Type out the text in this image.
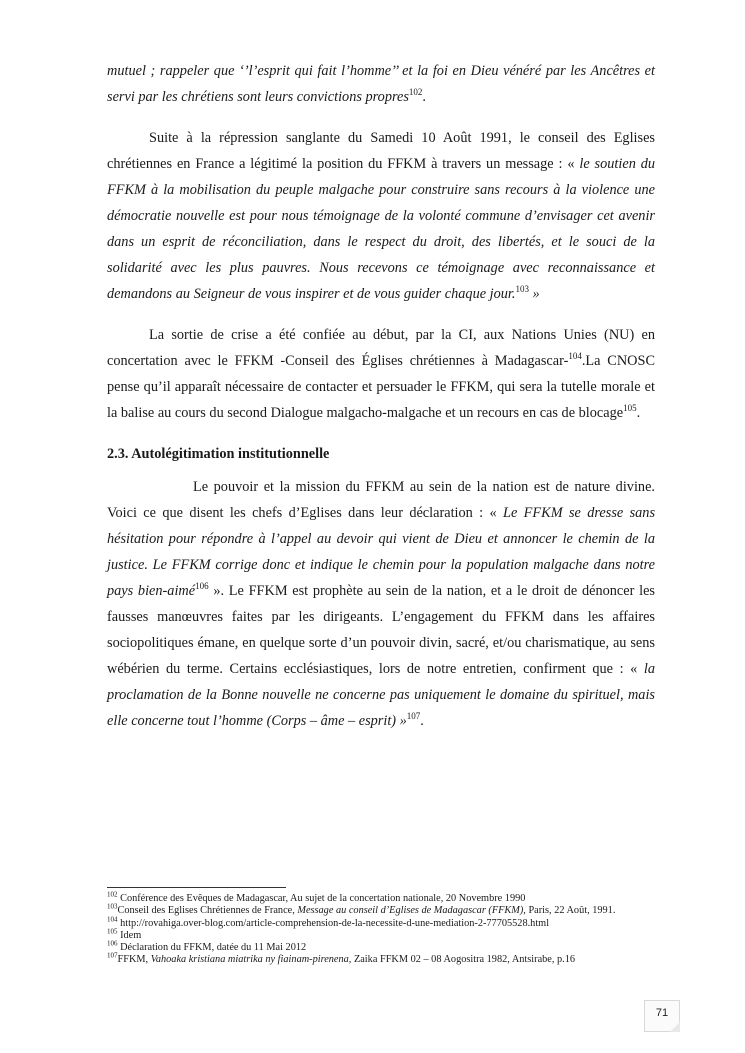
mutuel ; rappeler que ‘’l’esprit qui fait l’homme’’ et la foi en Dieu vénéré par les Ancêtres et servi par les chrétiens sont leurs convictions propres$^{102}$.

Suite à la répression sanglante du Samedi 10 Août 1991, le conseil des Eglises chrétiennes en France a légitimé la position du FFKM à travers un message : « le soutien du FFKM à la mobilisation du peuple malgache pour construire sans recours à la violence une démocratie nouvelle est pour nous témoignage de la volonté commune d’envisager cet avenir dans un esprit de réconciliation, dans le respect du droit, des libertés, et le souci de la solidarité avec les plus pauvres. Nous recevons ce témoignage avec reconnaissance et demandons au Seigneur de vous inspirer et de vous guider chaque jour.$^{103}$ »

La sortie de crise a été confiée au début, par la CI, aux Nations Unies (NU) en concertation avec le FFKM -Conseil des Églises chrétiennes à Madagascar-$^{104}$.La CNOSC pense qu’il apparaît nécessaire de contacter et persuader le FFKM, qui sera la tutelle morale et la balise au cours du second Dialogue malgacho-malgache et un recours en cas de blocage$^{105}$.

2.3. Autolégitimation institutionnelle

Le pouvoir et la mission du FFKM au sein de la nation est de nature divine. Voici ce que disent les chefs d’Eglises dans leur déclaration : « Le FFKM se dresse sans hésitation pour répondre à l’appel au devoir qui vient de Dieu et annoncer le chemin de la justice. Le FFKM corrige donc et indique le chemin pour la population malgache dans notre pays bien-aimé$^{106}$ ». Le FFKM est prophète au sein de la nation, et a le droit de dénoncer les fausses manœuvres faites par les dirigeants. L’engagement du FFKM dans les affaires sociopolitiques émane, en quelque sorte d’un pouvoir divin, sacré, et/ou charismatique, au sens wébérien du terme. Certains ecclésiastiques, lors de notre entretien, confirment que : « la proclamation de la Bonne nouvelle ne concerne pas uniquement le domaine du spirituel, mais elle concerne tout l’homme (Corps – âme – esprit) »$^{107}$.

$^{102}$ Conférence des Evêques de Madagascar, Au sujet de la concertation nationale, 20 Novembre 1990
$^{103}$Conseil des Eglises Chrétiennes de France, Message au conseil d’Eglises de Madagascar (FFKM), Paris, 22 Août, 1991.
$^{104}$ http://rovahiga.over-blog.com/article-comprehension-de-la-necessite-d-une-mediation-2-77705528.html
$^{105}$ Idem
$^{106}$ Déclaration du FFKM, datée du 11 Mai 2012
$^{107}$FFKM, Vahoaka kristiana miatrika ny fiainam-pirenena, Zaika FFKM 02 – 08 Aogositra 1982, Antsirabe, p.16
71
